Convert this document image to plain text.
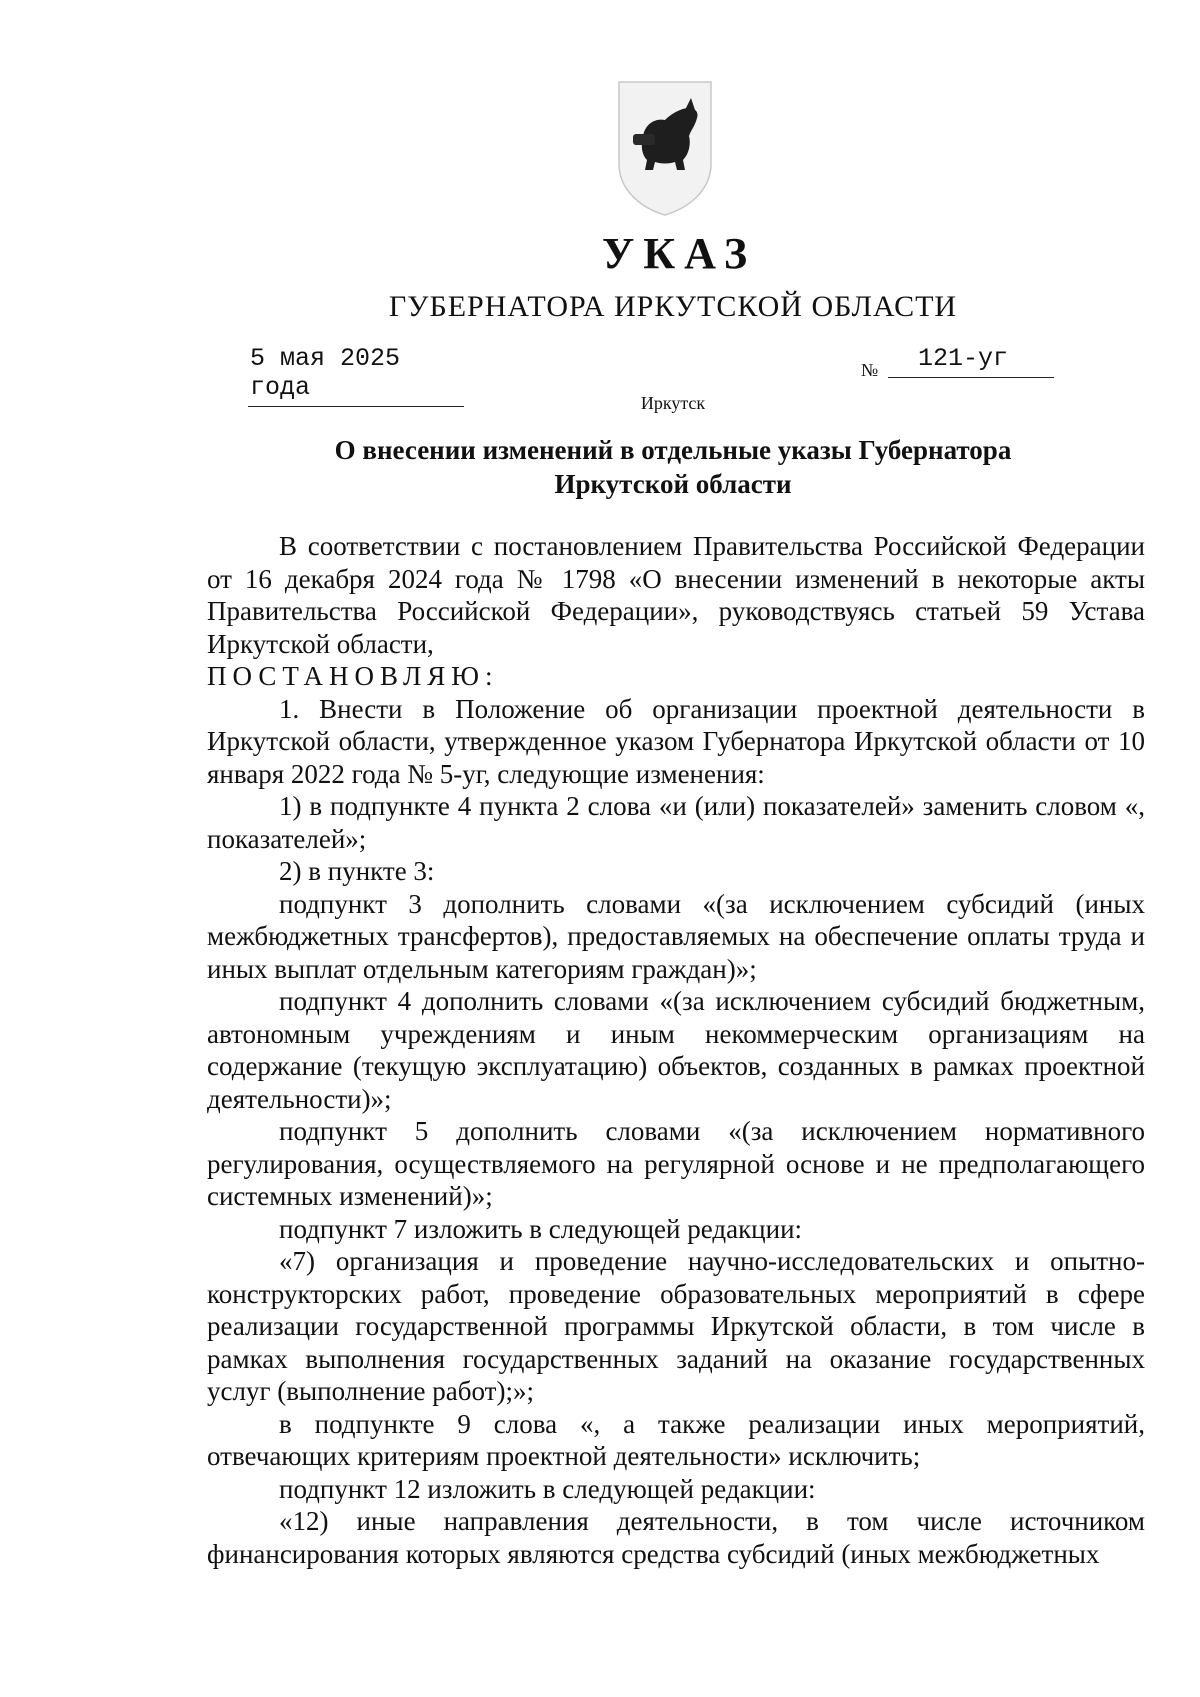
УКАЗ
ГУБЕРНАТОРА ИРКУТСКОЙ ОБЛАСТИ
5 мая 2025 года
№	121-уг
Иркутск
О внесении изменений в отдельные указы Губернатора
Иркутской области

В соответствии с постановлением Правительства Российской Федерации от 16 декабря 2024 года № 1798 «О внесении изменений в некоторые акты Правительства Российской Федерации», руководствуясь статьей 59 Устава Иркутской области,

ПОСТАНОВЛЯЮ:

1. Внести в Положение об организации проектной деятельности в Иркутской области, утвержденное указом Губернатора Иркутской области от 10 января 2022 года № 5-уг, следующие изменения:

1) в подпункте 4 пункта 2 слова «и (или) показателей» заменить словом «, показателей»;

2) в пункте 3:

подпункт 3 дополнить словами «(за исключением субсидий (иных межбюджетных трансфертов), предоставляемых на обеспечение оплаты труда и иных выплат отдельным категориям граждан)»;

подпункт 4 дополнить словами «(за исключением субсидий бюджетным, автономным учреждениям и иным некоммерческим организациям на содержание (текущую эксплуатацию) объектов, созданных в рамках проектной деятельности)»;

подпункт 5 дополнить словами «(за исключением нормативного регулирования, осуществляемого на регулярной основе и не предполагающего системных изменений)»;

подпункт 7 изложить в следующей редакции:

«7) организация и проведение научно-исследовательских и опытно-конструкторских работ, проведение образовательных мероприятий в сфере реализации государственной программы Иркутской области, в том числе в рамках выполнения государственных заданий на оказание государственных услуг (выполнение работ);»;

в подпункте 9 слова «, а также реализации иных мероприятий, отвечающих критериям проектной деятельности» исключить;

подпункт 12 изложить в следующей редакции:

«12) иные направления деятельности, в том числе источником финансирования которых являются средства субсидий (иных межбюджетных
